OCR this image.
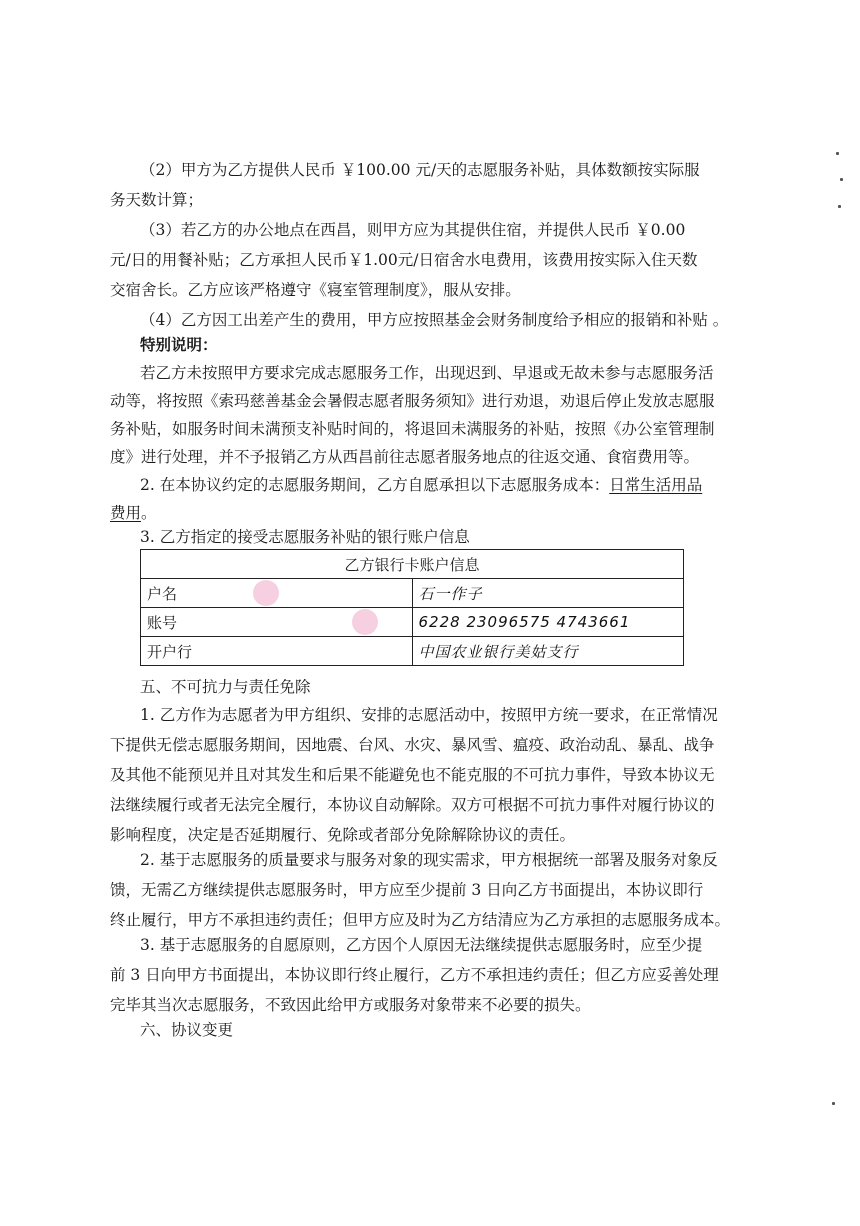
（2）甲方为乙方提供人民币 ￥100.00 元/天的志愿服务补贴，具体数额按实际服
务天数计算；
（3）若乙方的办公地点在西昌，则甲方应为其提供住宿，并提供人民币 ￥0.00
元/日的用餐补贴；乙方承担人民币￥1.00元/日宿舍水电费用，该费用按实际入住天数
交宿舍长。乙方应该严格遵守《寝室管理制度》，服从安排。
（4）乙方因工出差产生的费用，甲方应按照基金会财务制度给予相应的报销和补贴 。
特别说明：
若乙方未按照甲方要求完成志愿服务工作，出现迟到、早退或无故未参与志愿服务活
动等，将按照《索玛慈善基金会暑假志愿者服务须知》进行劝退，劝退后停止发放志愿服
务补贴，如服务时间未满预支补贴时间的，将退回未满服务的补贴，按照《办公室管理制
度》进行处理，并不予报销乙方从西昌前往志愿者服务地点的往返交通、食宿费用等。
2. 在本协议约定的志愿服务期间，乙方自愿承担以下志愿服务成本：日常生活用品
费用。
3. 乙方指定的接受志愿服务补贴的银行账户信息
乙方银行卡账户信息	
户名	石一作子
账号	6228 23096575 4743661
开户行	中国农业银行美姑支行
五、不可抗力与责任免除
1. 乙方作为志愿者为甲方组织、安排的志愿活动中，按照甲方统一要求，在正常情况
下提供无偿志愿服务期间，因地震、台风、水灾、暴风雪、瘟疫、政治动乱、暴乱、战争
及其他不能预见并且对其发生和后果不能避免也不能克服的不可抗力事件，导致本协议无
法继续履行或者无法完全履行，本协议自动解除。双方可根据不可抗力事件对履行协议的
影响程度，决定是否延期履行、免除或者部分免除解除协议的责任。
2. 基于志愿服务的质量要求与服务对象的现实需求，甲方根据统一部署及服务对象反
馈，无需乙方继续提供志愿服务时，甲方应至少提前 3 日向乙方书面提出，本协议即行
终止履行，甲方不承担违约责任；但甲方应及时为乙方结清应为乙方承担的志愿服务成本。
3. 基于志愿服务的自愿原则，乙方因个人原因无法继续提供志愿服务时，应至少提
前 3 日向甲方书面提出，本协议即行终止履行，乙方不承担违约责任；但乙方应妥善处理
完毕其当次志愿服务，不致因此给甲方或服务对象带来不必要的损失。
六、协议变更
